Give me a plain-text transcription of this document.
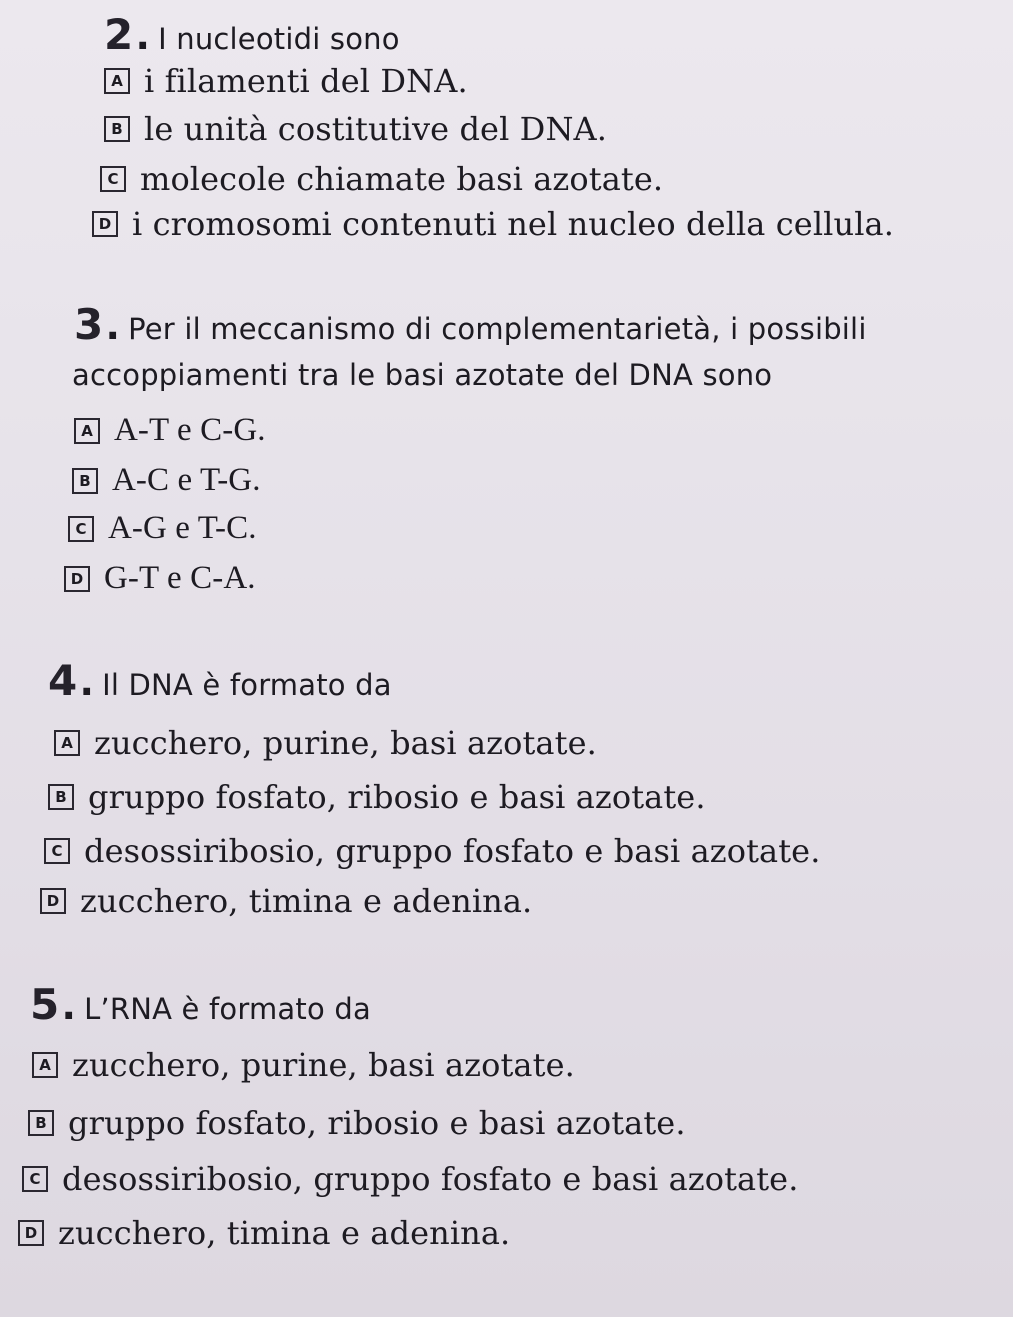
2. I nucleotidi sono
A i filamenti del DNA.
B le unità costitutive del DNA.
C molecole chiamate basi azotate.
D i cromosomi contenuti nel nucleo della cellula.
3. Per il meccanismo di complementarietà, i possibili
accoppiamenti tra le basi azotate del DNA sono
A A-T e C-G.
B A-C e T-G.
C A-G e T-C.
D G-T e C-A.
4. Il DNA è formato da
A zucchero, purine, basi azotate.
B gruppo fosfato, ribosio e basi azotate.
C desossiribosio, gruppo fosfato e basi azotate.
D zucchero, timina e adenina.
5. L’RNA è formato da
A zucchero, purine, basi azotate.
B gruppo fosfato, ribosio e basi azotate.
C desossiribosio, gruppo fosfato e basi azotate.
D zucchero, timina e adenina.
